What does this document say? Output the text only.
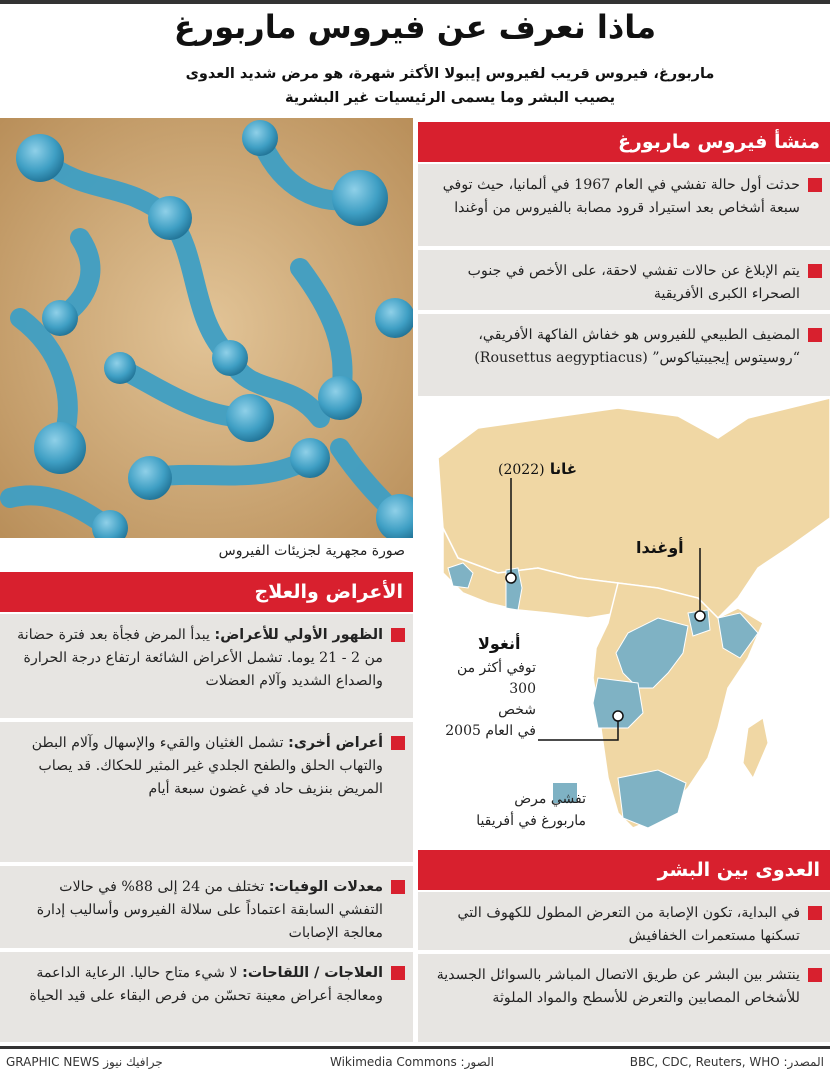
ماذا نعرف عن فيروس ماربورغ
ماربورغ، فيروس قريب لفيروس إيبولا الأكثر شهرة، هو مرض شديد العدوى
يصيب البشر وما يسمى الرئيسيات غير البشرية
صورة مجهرية لجزيئات الفيروس
منشأ فيروس ماربورغ
حدثت أول حالة تفشي في العام 1967 في ألمانيا، حيث توفي سبعة أشخاص بعد استيراد قرود مصابة بالفيروس من أوغندا
يتم الإبلاغ عن حالات تفشي لاحقة، على الأخص في جنوب الصحراء الكبرى الأفريقية
المضيف الطبيعي للفيروس هو خفاش الفاكهة الأفريقي، “روسيتوس إيجيبتياكوس” (Rousettus aegyptiacus)
غانا (2022)
أوغندا
أنغولا
توفي أكثر من
300
شخص
في العام 2005
تفشي مرض
ماربورغ في أفريقيا
العدوى بين البشر
في البداية، تكون الإصابة من التعرض المطول للكهوف التي تسكنها مستعمرات الخفافيش
ينتشر بين البشر عن طريق الاتصال المباشر بالسوائل الجسدية للأشخاص المصابين والتعرض للأسطح والمواد الملوثة
الأعراض والعلاج
الظهور الأولي للأعراض: يبدأ المرض فجأة بعد فترة حضانة من 2 - 21 يوما. تشمل الأعراض الشائعة ارتفاع درجة الحرارة والصداع الشديد وآلام العضلات
أعراض أخرى: تشمل الغثيان والقيء والإسهال وآلام البطن والتهاب الحلق والطفح الجلدي غير المثير للحكاك. قد يصاب المريض بنزيف حاد في غضون سبعة أيام
معدلات الوفيات: تختلف من 24 إلى 88% في حالات التفشي السابقة اعتماداً على سلالة الفيروس وأساليب إدارة معالجة الإصابات
العلاجات / اللقاحات: لا شيء متاح حاليا. الرعاية الداعمة ومعالجة أعراض معينة تحسّن من فرص البقاء على قيد الحياة
المصدر: BBC, CDC, Reuters, WHO
الصور: Wikimedia Commons
GRAPHIC NEWS جرافيك نيوز
